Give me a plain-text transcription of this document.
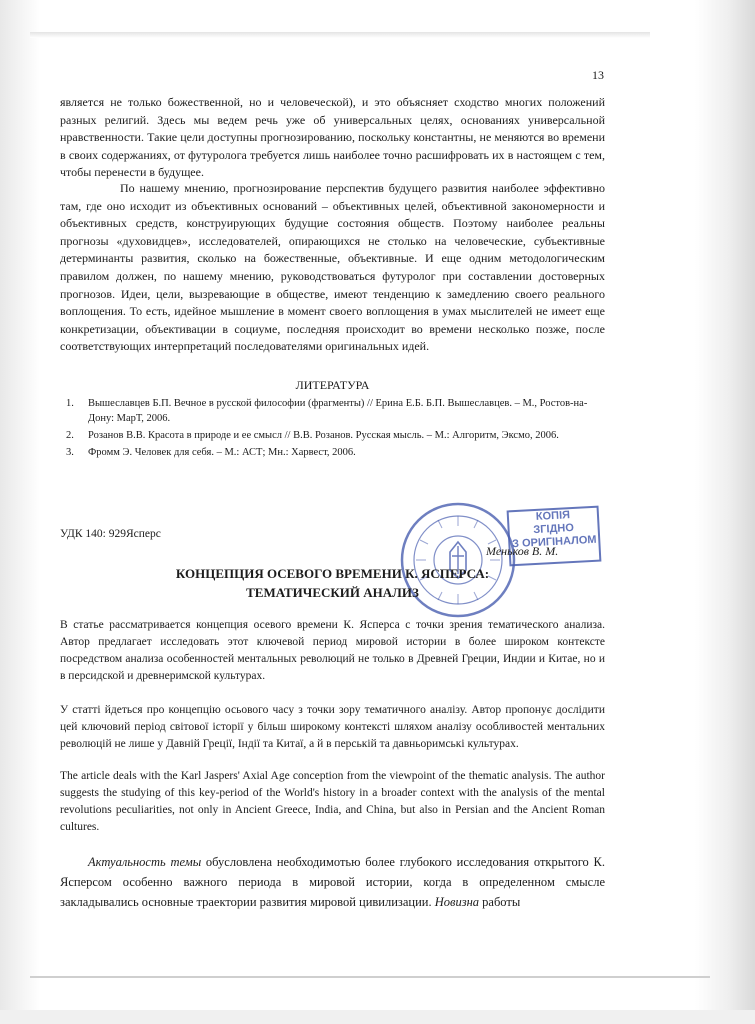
13

является не только божественной, но и человеческой), и это объясняет сходство многих положений разных религий. Здесь мы ведем речь уже об универсальных целях, основаниях универсальной нравственности. Такие цели доступны прогнозированию, поскольку константны, не меняются во времени в своих содержаниях, от футуролога требуется лишь наиболее точно расшифровать их в настоящем с тем, чтобы перенести в будущее.

По нашему мнению, прогнозирование перспектив будущего развития наиболее эффективно там, где оно исходит из объективных оснований – объективных целей, объективной закономерности и объективных средств, конструирующих будущие состояния обществ. Поэтому наиболее реальны прогнозы «духовидцев», исследователей, опирающихся не столько на человеческие, субъективные детерминанты развития, сколько на божественные, объективные. И еще одним методологическим правилом должен, по нашему мнению, руководствоваться футуролог при составлении достоверных прогнозов. Идеи, цели, вызревающие в обществе, имеют тенденцию к замедлению своего реального воплощения. То есть, идейное мышление в момент своего воплощения в умах мыслителей не имеет еще конкретизации, объективации в социуме, последняя происходит во времени несколько позже, после соответствующих интерпретаций последователями оригинальных идей.

ЛИТЕРАТУРА
1. Вышеславцев Б.П. Вечное в русской философии (фрагменты) // Ерина Е.Б. Б.П. Вышеславцев. – М., Ростов-на-Дону: МарТ, 2006.
2. Розанов В.В. Красота в природе и ее смысл // В.В. Розанов. Русская мысль. – М.: Алгоритм, Эксмо, 2006.
3. Фромм Э. Человек для себя. – М.: АСТ; Мн.: Харвест, 2006.
УДК 140: 929Ясперс
КОПІЯ
ЗГІДНО
З ОРИГІНАЛОМ
Меньков В. М.
КОНЦЕПЦИЯ ОСЕВОГО ВРЕМЕНИ К. ЯСПЕРСА:
ТЕМАТИЧЕСКИЙ АНАЛИЗ

В статье рассматривается концепция осевого времени К. Ясперса с точки зрения тематического анализа. Автор предлагает исследовать этот ключевой период мировой истории в более широком контексте посредством анализа особенностей ментальных революций не только в Древней Греции, Индии и Китае, но и в персидской и древнеримской культурах.

У статті йдеться про концепцію осьового часу з точки зору тематичного аналізу. Автор пропонує дослідити цей ключовий період світової історії у більш широкому контексті шляхом аналізу особливостей ментальних революцій не лише у Давній Греції, Індії та Китаї, а й в перській та давньоримські культурах.

The article deals with the Karl Jaspers' Axial Age conception from the viewpoint of the thematic analysis. The author suggests the studying of this key-period of the World's history in a broader context with the analysis of the mental revolutions peculiarities, not only in Ancient Greece, India, and China, but also in Persian and the Ancient Roman cultures.

Актуальность темы обусловлена необходимотью более глубокого исследования открытого К. Ясперсом особенно важного периода в мировой истории, когда в определенном смысле закладывались основные траектории развития мировой цивилизации. Новизна работы
